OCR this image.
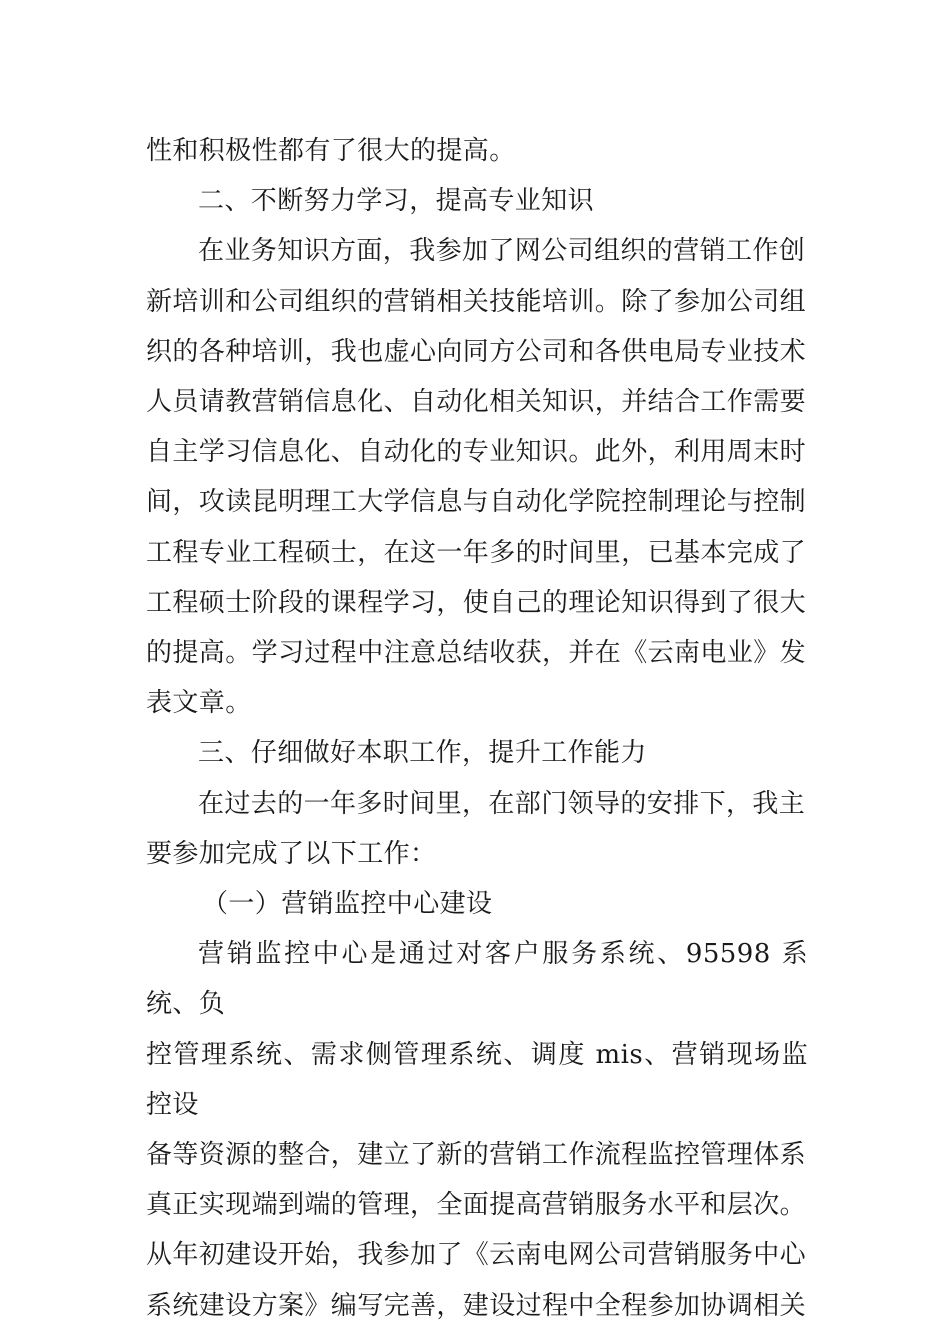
性和积极性都有了很大的提高。

二、不断努力学习，提高专业知识

在业务知识方面，我参加了网公司组织的营销工作创
新培训和公司组织的营销相关技能培训。除了参加公司组
织的各种培训，我也虚心向同方公司和各供电局专业技术
人员请教营销信息化、自动化相关知识，并结合工作需要
自主学习信息化、自动化的专业知识。此外，利用周末时
间，攻读昆明理工大学信息与自动化学院控制理论与控制
工程专业工程硕士，在这一年多的时间里，已基本完成了
工程硕士阶段的课程学习，使自己的理论知识得到了很大
的提高。学习过程中注意总结收获，并在《云南电业》发
表文章。

三、仔细做好本职工作，提升工作能力

在过去的一年多时间里，在部门领导的安排下，我主
要参加完成了以下工作：

（一）营销监控中心建设

营销监控中心是通过对客户服务系统、95598 系统、负
控管理系统、需求侧管理系统、调度 mis、营销现场监控设
备等资源的整合，建立了新的营销工作流程监控管理体系
真正实现端到端的管理，全面提高营销服务水平和层次。
从年初建设开始，我参加了《云南电网公司营销服务中心
系统建设方案》编写完善，建设过程中全程参加协调相关
